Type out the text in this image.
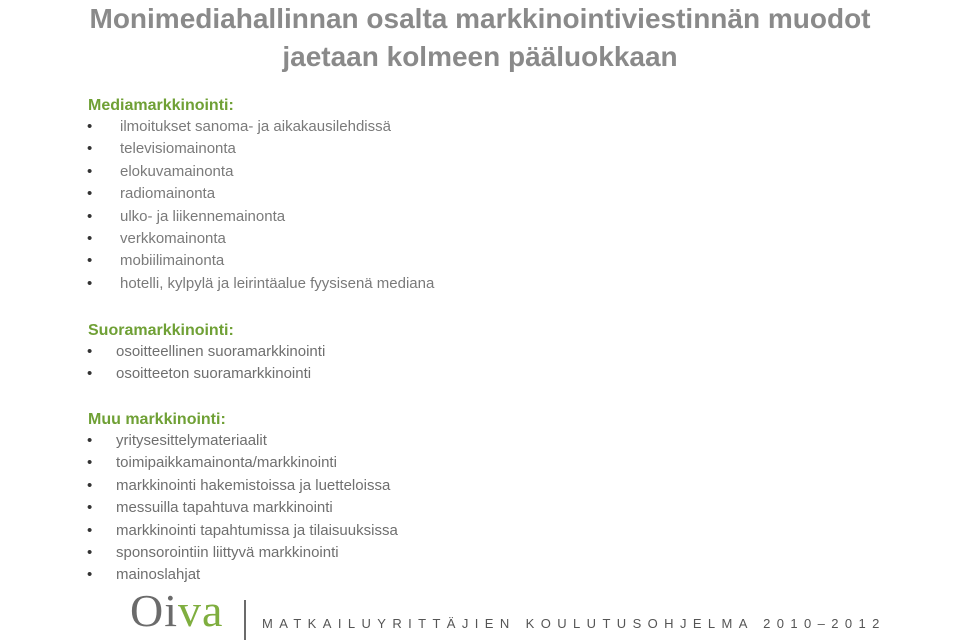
Monimediahallinnan osalta markkinointiviestinnän muodot
jaetaan kolmeen pääluokkaan

Mediamarkkinointi:

• ilmoitukset sanoma- ja aikakausilehdissä
• televisiomainonta
• elokuvamainonta
• radiomainonta
• ulko- ja liikennemainonta
• verkkomainonta
• mobiilimainonta
• hotelli, kylpylä ja leirintäalue fyysisenä mediana

Suoramarkkinointi:

• osoitteellinen suoramarkkinointi
• osoitteeton suoramarkkinointi

Muu markkinointi:

• yritysesittelymateriaalit
• toimipaikkamainonta/markkinointi
• markkinointi hakemistoissa ja luetteloissa
• messuilla tapahtuva markkinointi
• markkinointi tapahtumissa ja tilaisuuksissa
• sponsorointiin liittyvä markkinointi
• mainoslahjat
Oiva	MATKAILUYRITTÄJIEN KOULUTUSOHJELMA 2010–2012
